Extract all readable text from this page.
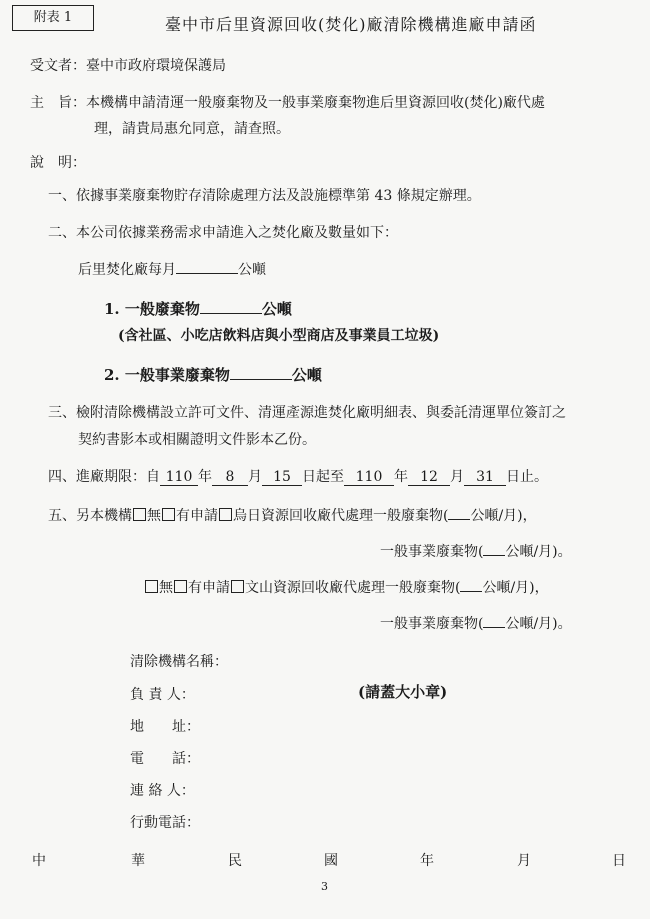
附表 1	臺中市后里資源回收(焚化)廠清除機構進廠申請函
受文者：臺中市政府環境保護局
主　旨：本機構申請清運一般廢棄物及一般事業廢棄物進后里資源回收(焚化)廠代處
理，請貴局惠允同意，請查照。
說　明：
一、依據事業廢棄物貯存清除處理方法及設施標準第 43 條規定辦理。
二、本公司依據業務需求申請進入之焚化廠及數量如下：
后里焚化廠每月	公噸
1. 一般廢棄物	公噸
(含社區、小吃店飲料店與小型商店及事業員工垃圾)
2. 一般事業廢棄物	公噸
三、檢附清除機構設立許可文件、清運產源進焚化廠明細表、與委託清運單位簽訂之
契約書影本或相關證明文件影本乙份。
四、進廠期限：自 110 年 8 月 15 日起至 110 年 12 月 31 日止。
五、另本機構 無 有申請 烏日資源回收廠代處理一般廢棄物( 公噸/月)，
一般事業廢棄物( 公噸/月)。
無 有申請 文山資源回收廠代處理一般廢棄物( 公噸/月)，
一般事業廢棄物( 公噸/月)。
清除機構名稱：
負 責 人：	(請蓋大小章)
地　　址：
電　　話：
連 絡 人：
行動電話：
中	華	民	國	年	月	日
3
